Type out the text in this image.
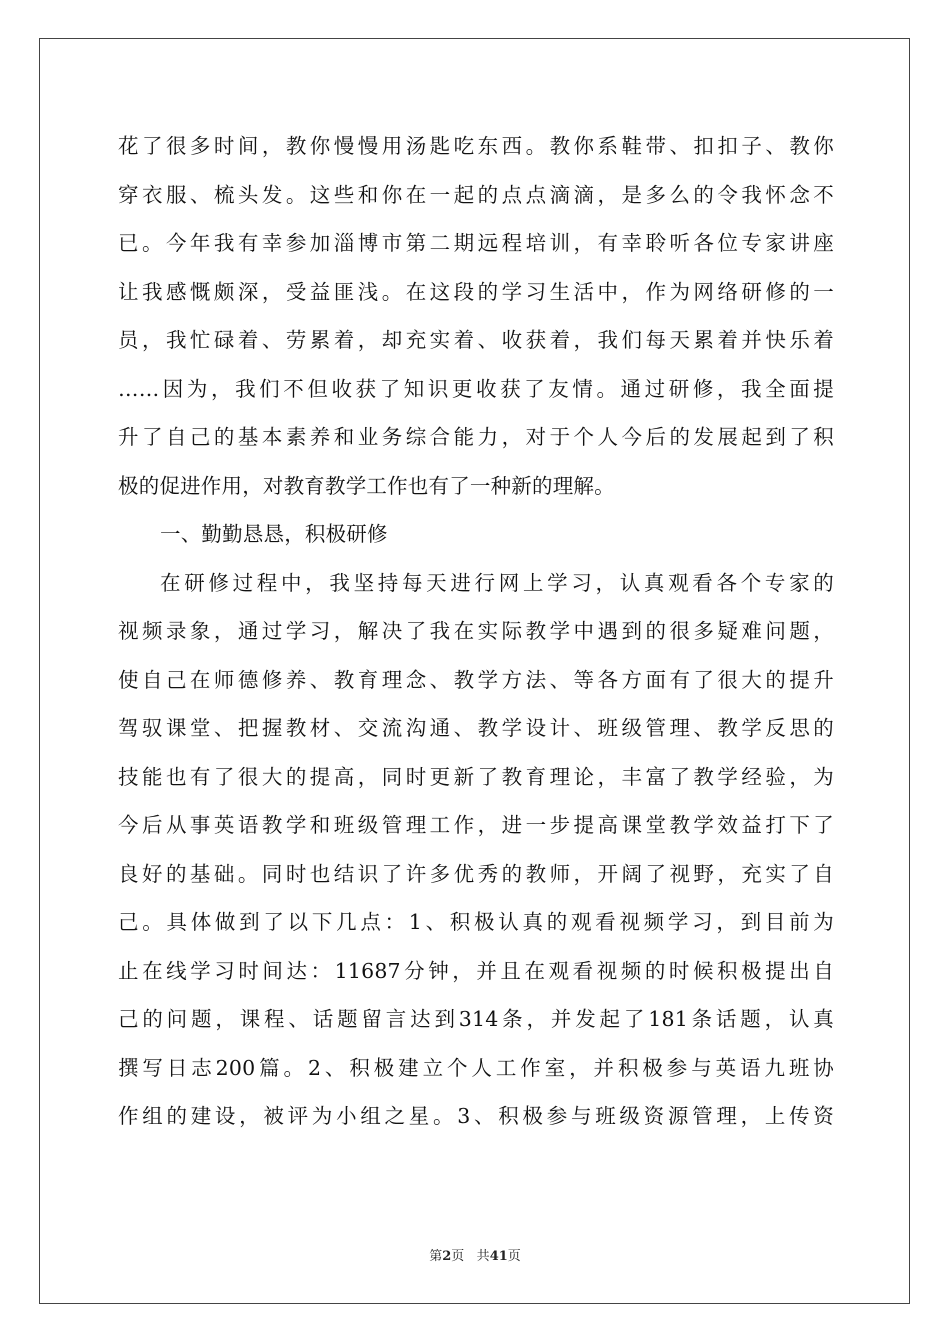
花了很多时间，教你慢慢用汤匙吃东西。教你系鞋带、扣扣子、教你
穿衣服、梳头发。这些和你在一起的点点滴滴，是多么的令我怀念不
已。今年我有幸参加淄博市第二期远程培训，有幸聆听各位专家讲座
让我感慨颇深，受益匪浅。在这段的学习生活中，作为网络研修的一
员，我忙碌着、劳累着，却充实着、收获着，我们每天累着并快乐着
……因为，我们不但收获了知识更收获了友情。通过研修，我全面提
升了自己的基本素养和业务综合能力，对于个人今后的发展起到了积
极的促进作用，对教育教学工作也有了一种新的理解。
一、勤勤恳恳，积极研修
在研修过程中，我坚持每天进行网上学习，认真观看各个专家的
视频录象，通过学习，解决了我在实际教学中遇到的很多疑难问题，
使自己在师德修养、教育理念、教学方法、等各方面有了很大的提升
驾驭课堂、把握教材、交流沟通、教学设计、班级管理、教学反思的
技能也有了很大的提高，同时更新了教育理论，丰富了教学经验，为
今后从事英语教学和班级管理工作，进一步提高课堂教学效益打下了
良好的基础。同时也结识了许多优秀的教师，开阔了视野，充实了自
己。具体做到了以下几点：1、积极认真的观看视频学习，到目前为
止在线学习时间达：11687分钟，并且在观看视频的时候积极提出自
己的问题，课程、话题留言达到314条，并发起了181条话题，认真
撰写日志200篇。2、积极建立个人工作室，并积极参与英语九班协
作组的建设，被评为小组之星。3、积极参与班级资源管理，上传资
第2页 共41页
